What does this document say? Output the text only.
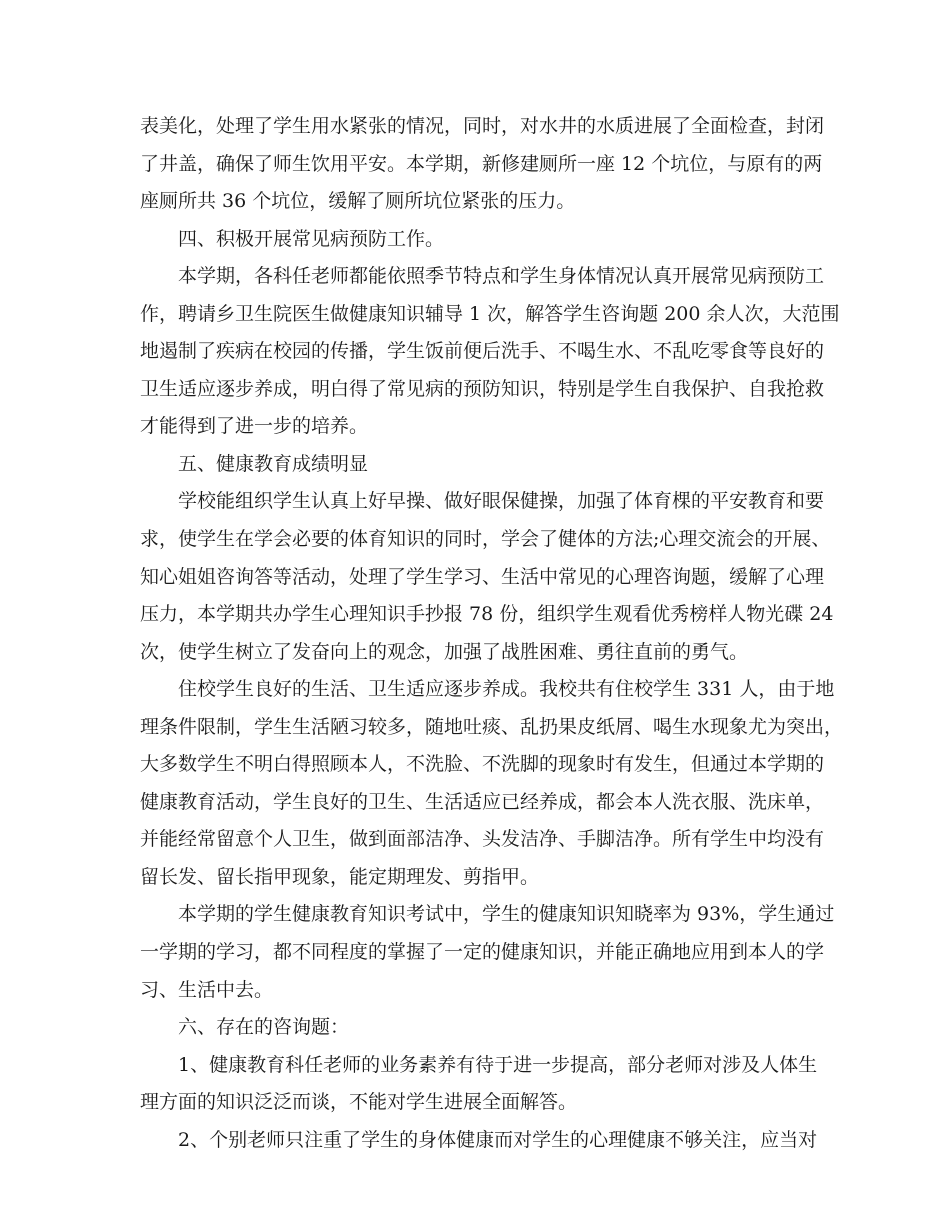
表美化，处理了学生用水紧张的情况，同时，对水井的水质进展了全面检查，封闭
了井盖，确保了师生饮用平安。本学期，新修建厕所一座 12 个坑位，与原有的两
座厕所共 36 个坑位，缓解了厕所坑位紧张的压力。
四、积极开展常见病预防工作。
本学期，各科任老师都能依照季节特点和学生身体情况认真开展常见病预防工
作，聘请乡卫生院医生做健康知识辅导 1 次，解答学生咨询题 200 余人次，大范围
地遏制了疾病在校园的传播，学生饭前便后洗手、不喝生水、不乱吃零食等良好的
卫生适应逐步养成，明白得了常见病的预防知识，特别是学生自我保护、自我抢救
才能得到了进一步的培养。
五、健康教育成绩明显
学校能组织学生认真上好早操、做好眼保健操，加强了体育棵的平安教育和要
求，使学生在学会必要的体育知识的同时，学会了健体的方法;心理交流会的开展、
知心姐姐咨询答等活动，处理了学生学习、生活中常见的心理咨询题，缓解了心理
压力，本学期共办学生心理知识手抄报 78 份，组织学生观看优秀榜样人物光碟 24
次，使学生树立了发奋向上的观念，加强了战胜困难、勇往直前的勇气。
住校学生良好的生活、卫生适应逐步养成。我校共有住校学生 331 人，由于地
理条件限制，学生生活陋习较多，随地吐痰、乱扔果皮纸屑、喝生水现象尤为突出，
大多数学生不明白得照顾本人，不洗脸、不洗脚的现象时有发生，但通过本学期的
健康教育活动，学生良好的卫生、生活适应已经养成，都会本人洗衣服、洗床单，
并能经常留意个人卫生，做到面部洁净、头发洁净、手脚洁净。所有学生中均没有
留长发、留长指甲现象，能定期理发、剪指甲。
本学期的学生健康教育知识考试中，学生的健康知识知晓率为 93%，学生通过
一学期的学习，都不同程度的掌握了一定的健康知识，并能正确地应用到本人的学
习、生活中去。
六、存在的咨询题：
1、健康教育科任老师的业务素养有待于进一步提高，部分老师对涉及人体生
理方面的知识泛泛而谈，不能对学生进展全面解答。
2、个别老师只注重了学生的身体健康而对学生的心理健康不够关注，应当对
